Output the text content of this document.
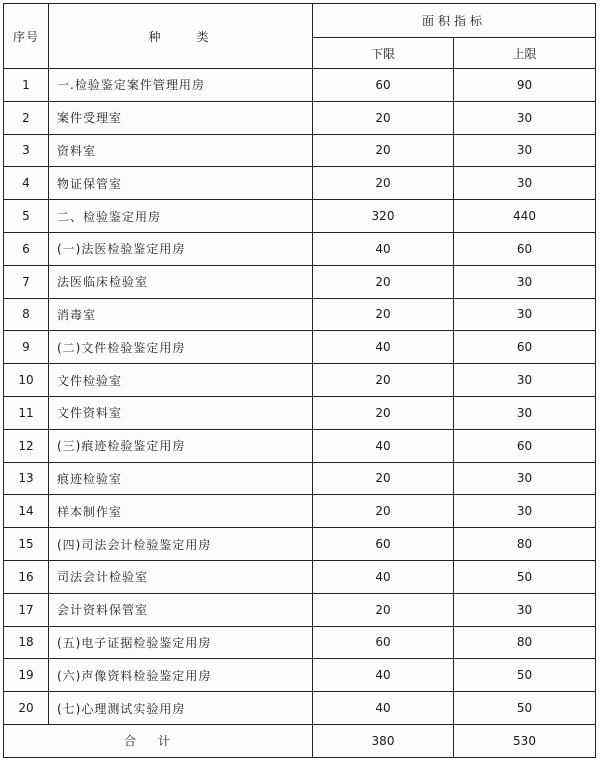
序号	种　　类	面积指标	
		下限	上限
1	一.检验鉴定案件管理用房	60	90
2	案件受理室	20	30
3	资料室	20	30
4	物证保管室	20	30
5	二、检验鉴定用房	320	440
6	(一)法医检验鉴定用房	40	60
7	法医临床检验室	20	30
8	消毒室	20	30
9	(二)文件检验鉴定用房	40	60
10	文件检验室	20	30
11	文件资料室	20	30
12	(三)痕迹检验鉴定用房	40	60
13	痕迹检验室	20	30
14	样本制作室	20	30
15	(四)司法会计检验鉴定用房	60	80
16	司法会计检验室	40	50
17	会计资料保管室	20	30
18	(五)电子证据检验鉴定用房	60	80
19	(六)声像资料检验鉴定用房	40	50
20	(七)心理测试实验用房	40	50
合计		380	530
